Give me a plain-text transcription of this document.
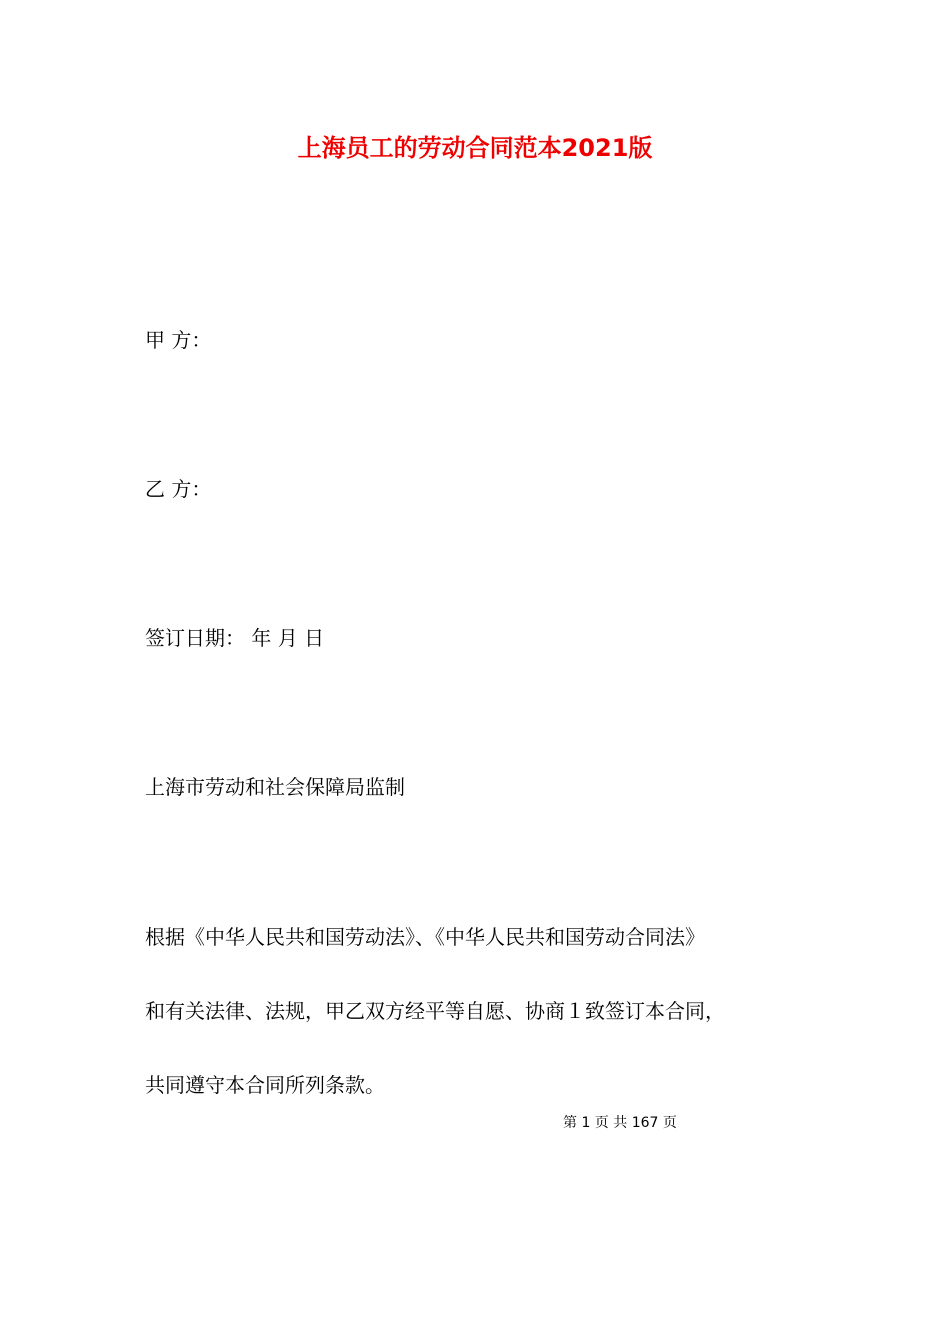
上海员工的劳动合同范本2021版
甲 方：
乙 方：
签订日期： 年 月 日
上海市劳动和社会保障局监制
根据《中华人民共和国劳动法》、《中华人民共和国劳动合同法》
和有关法律、法规，甲乙双方经平等自愿、协商１致签订本合同，
共同遵守本合同所列条款。
第 1 页 共 167 页
